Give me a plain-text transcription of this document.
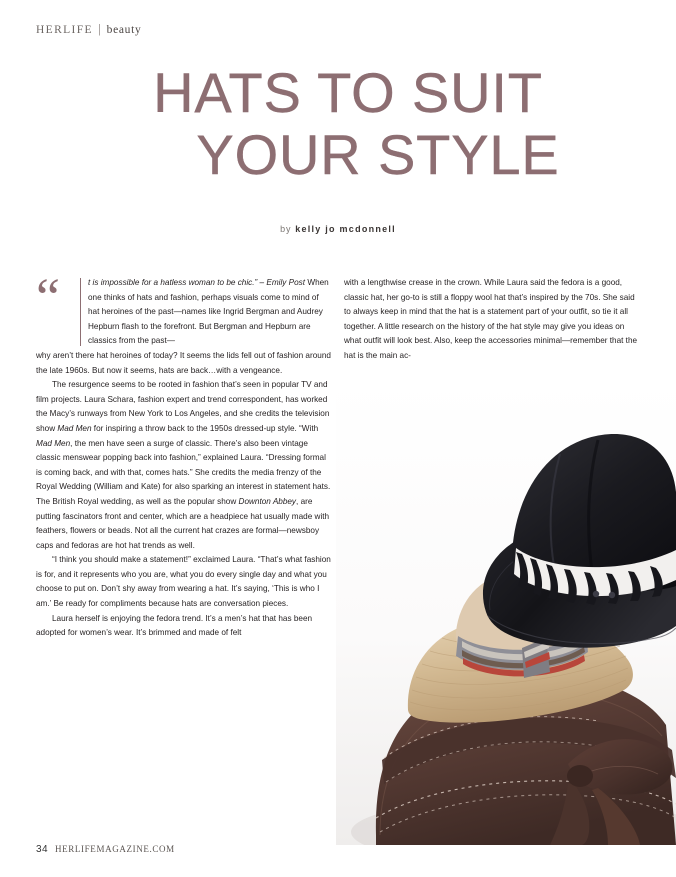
HERLIFE | beauty
HATS TO SUIT
YOUR STYLE
by kelly jo mcdonnell
“	t is impossible for a hatless woman to be chic.” – Emily Post When one thinks of hats and fashion, perhaps visuals come to mind of hat heroines of the past—names like Ingrid Bergman and Audrey Hepburn flash to the forefront. But Bergman and Hepburn are classics from the past—

why aren’t there hat heroines of today? It seems the lids fell out of fashion around the late 1960s. But now it seems, hats are back…with a vengeance.

The resurgence seems to be rooted in fashion that’s seen in popular TV and film projects. Laura Schara, fashion expert and trend correspondent, has worked the Macy’s runways from New York to Los Angeles, and she credits the television show Mad Men for inspiring a throw back to the 1950s dressed-up style. “With Mad Men, the men have seen a surge of classic. There’s also been vintage classic menswear popping back into fashion,” explained Laura. “Dressing formal is coming back, and with that, comes hats.” She credits the media frenzy of the Royal Wedding (William and Kate) for also sparking an interest in statement hats. The British Royal wedding, as well as the popular show Downton Abbey, are putting fascinators front and center, which are a headpiece hat usually made with feathers, flowers or beads. Not all the current hat crazes are formal—newsboy caps and fedoras are hot hat trends as well.

“I think you should make a statement!” exclaimed Laura. “That’s what fashion is for, and it represents who you are, what you do every single day and what you choose to put on. Don’t shy away from wearing a hat. It’s saying, ‘This is who I am.’ Be ready for compliments because hats are conversation pieces.

Laura herself is enjoying the fedora trend. It’s a men’s hat that has been adopted for women’s wear. It’s brimmed and made of felt

with a lengthwise crease in the crown. While Laura said the fedora is a good, classic hat, her go-to is still a floppy wool hat that’s inspired by the 70s. She said to always keep in mind that the hat is a statement part of your outfit, so tie it all together. A little research on the history of the hat style may give you ideas on what outfit will look best. Also, keep the accessories minimal—remember that the hat is the main ac-

34 HERLIFEMAGAZINE.COM
